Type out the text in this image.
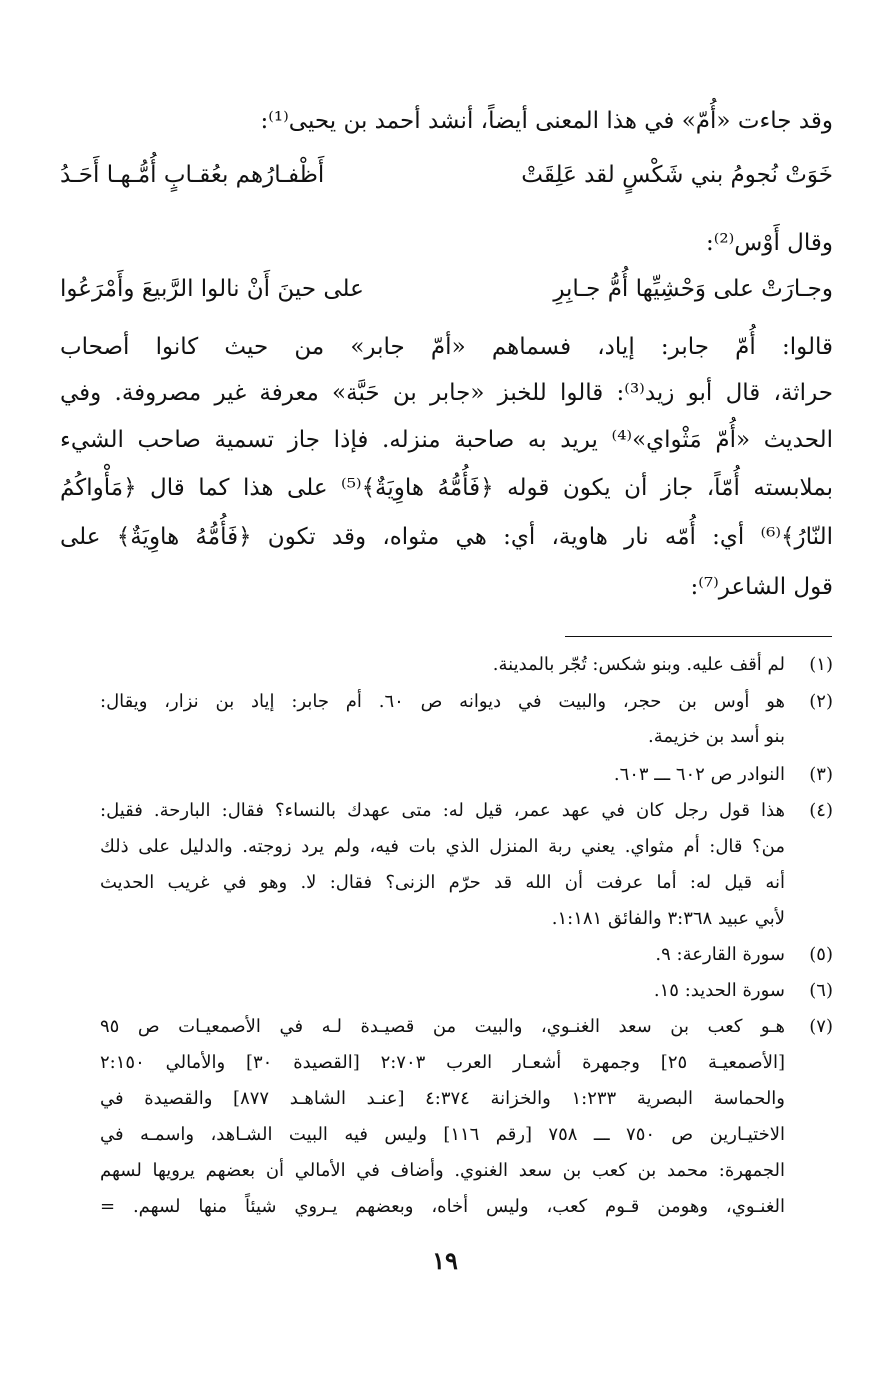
وقد جاءت «أُمّ» في هذا المعنى أيضاً، أنشد أحمد بن يحيى⁽¹⁾:
أَظْفـارُهم بعُقـابٍ أُمُّـهـا أَحَـدُ	خَوَتْ نُجومُ بني شَكْسٍ لقد عَلِقَتْ
وقال أَوْس⁽²⁾:
على حينَ أَنْ نالوا الرَّبيعَ وأَمْرَعُوا	وجـارَتْ على وَحْشِيِّها أُمُّ جـابِرِ
قالوا: أُمّ جابر: إياد، فسماهم «أمّ جابر» من حيث كانوا أصحاب
حراثة، قال أبو زيد⁽³⁾: قالوا للخبز «جابر بن حَبَّة» معرفة غير مصروفة. وفي
الحديث «أُمّ مَثْواي»⁽⁴⁾ يريد به صاحبة منزله. فإذا جاز تسمية صاحب الشيء
بملابسته أُمّاً، جاز أن يكون قوله ﴿فَأُمُّهُ هاوِيَةٌ﴾⁽⁵⁾ على هذا كما قال ﴿مَأْواكُمُ
النّارُ﴾⁽⁶⁾ أي: أُمّه نار هاوية، أي: هي مثواه، وقد تكون ﴿فَأُمُّهُ هاوِيَةٌ﴾ على
قول الشاعر⁽⁷⁾:
(١)
لم أقف عليه. وبنو شكس: تُجّر بالمدينة.
(٢)
هو أوس بن حجر، والبيت في ديوانه ص ٦٠. أم جابر: إياد بن نزار، ويقال:
بنو أسد بن خزيمة.
(٣)
النوادر ص ٦٠٢ ـــ ٦٠٣.
(٤)
هذا قول رجل كان في عهد عمر، قيل له: متى عهدك بالنساء؟ فقال: البارحة. فقيل:
من؟ قال: أم مثواي. يعني ربة المنزل الذي بات فيه، ولم يرد زوجته. والدليل على ذلك
أنه قيل له: أما عرفت أن الله قد حرّم الزنى؟ فقال: لا. وهو في غريب الحديث
لأبي عبيد ٣:٣٦٨ والفائق ١:١٨١.
(٥)
سورة القارعة: ٩.
(٦)
سورة الحديد: ١٥.
(٧)
هـو كعب بن سعد الغنـوي، والبيت من قصيـدة لـه في الأصمعيـات ص ٩٥
[الأصمعيـة ٢٥] وجمهرة أشعـار العرب ٢:٧٠٣ [القصيدة ٣٠] والأمالي ٢:١٥٠
والحماسة البصرية ١:٢٣٣ والخزانة ٤:٣٧٤ [عنـد الشاهـد ٨٧٧] والقصيدة في
الاختيـارين ص ٧٥٠ ـــ ٧٥٨ [رقم ١١٦] وليس فيه البيت الشـاهد، واسمـه في
الجمهرة: محمد بن كعب بن سعد الغنوي. وأضاف في الأمالي أن بعضهم يرويها لسهم
الغنـوي، وهومن قـوم كعب، وليس أخاه، وبعضهم يـروي شيئاً منها لسهم. =
١٩
